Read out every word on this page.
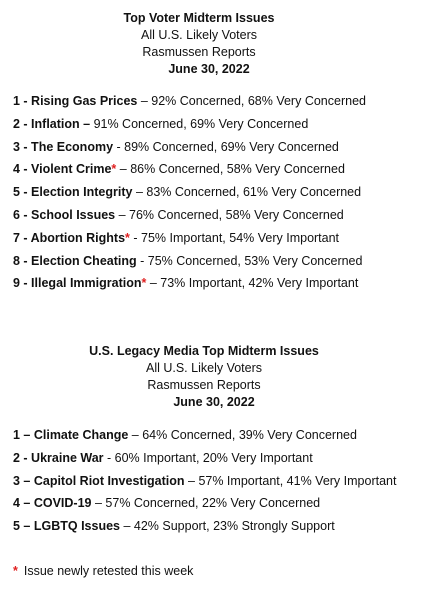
Top Voter Midterm Issues
All U.S. Likely Voters
Rasmussen Reports
June 30, 2022
1 - Rising Gas Prices – 92% Concerned, 68% Very Concerned
2 - Inflation – 91% Concerned, 69% Very Concerned
3 - The Economy - 89% Concerned, 69% Very Concerned
4 - Violent Crime* – 86% Concerned, 58% Very Concerned
5 - Election Integrity – 83% Concerned, 61% Very Concerned
6 - School Issues – 76% Concerned, 58% Very Concerned
7 - Abortion Rights* - 75% Important, 54% Very Important
8 - Election Cheating - 75% Concerned, 53% Very Concerned
9 - Illegal Immigration* – 73% Important, 42% Very Important
U.S. Legacy Media Top Midterm Issues
All U.S. Likely Voters
Rasmussen Reports
June 30, 2022
1 – Climate Change – 64% Concerned, 39% Very Concerned
2 - Ukraine War - 60% Important, 20% Very Important
3 – Capitol Riot Investigation – 57% Important, 41% Very Important
4 – COVID-19 – 57% Concerned, 22% Very Concerned
5 – LGBTQ Issues – 42% Support, 23% Strongly Support
* Issue newly retested this week
